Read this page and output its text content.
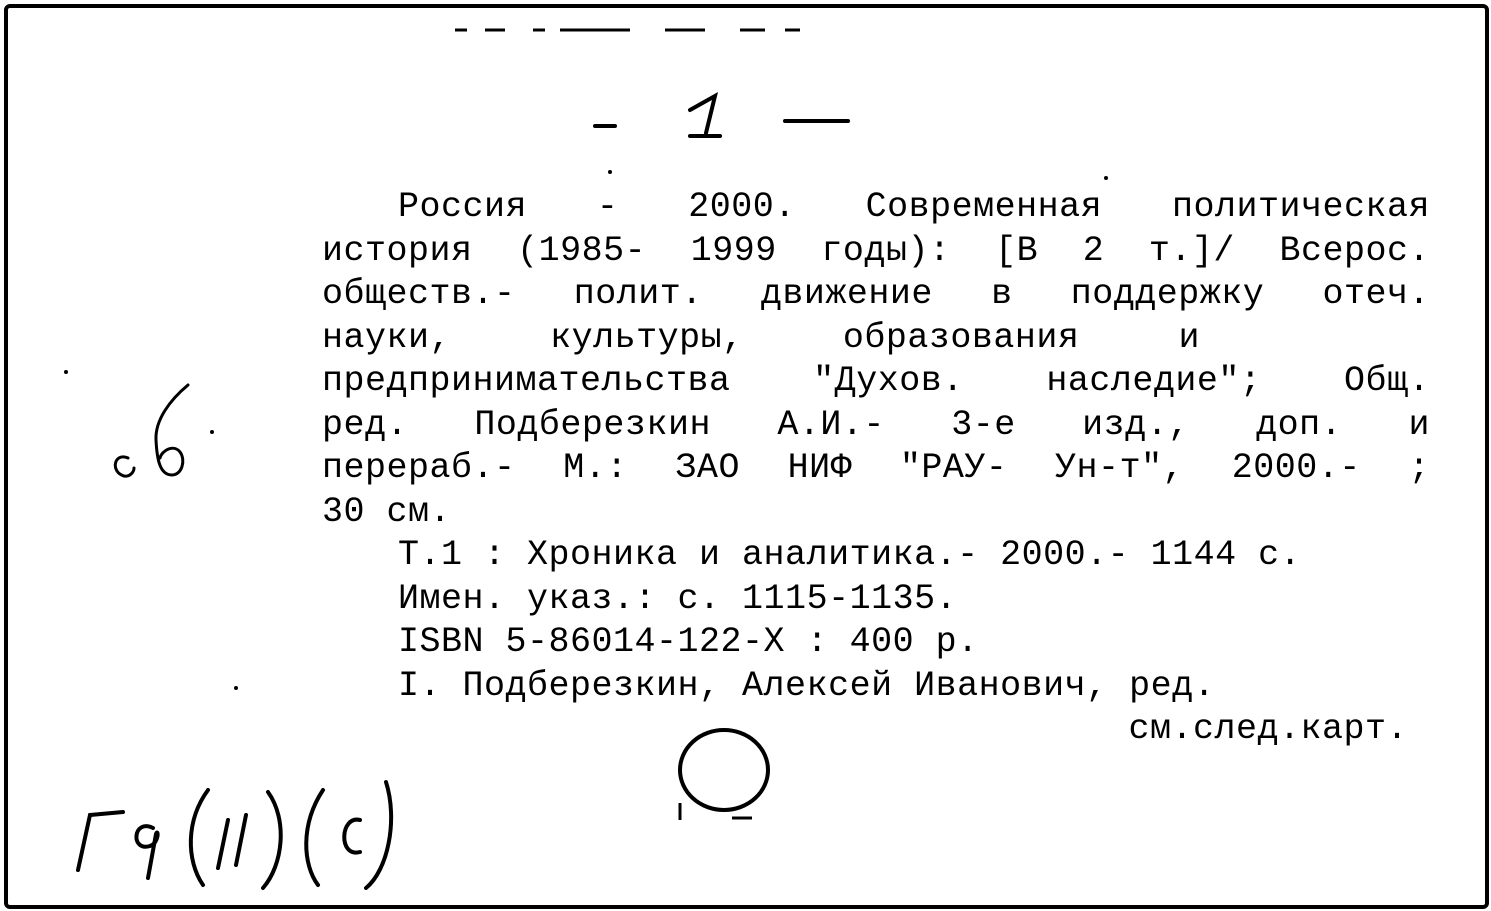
Россия - 2000. Современная политическая
история (1985- 1999 годы): [В 2 т.]/ Всерос.
обществ.- полит. движение в поддержку отеч.
науки, культуры, образования и
предпринимательства "Духов. наследие"; Общ.
ред. Подберезкин А.И.- 3-е изд., доп. и
перераб.- М.: ЗАО НИФ "РАУ- Ун-т", 2000.- ;
30 см.
Т.1 : Хроника и аналитика.- 2000.- 1144 с.
Имен. указ.: с. 1115-1135.
ISBN 5-86014-122-X : 400 р.
I. Подберезкин, Алексей Иванович, ред.
см.след.карт.
